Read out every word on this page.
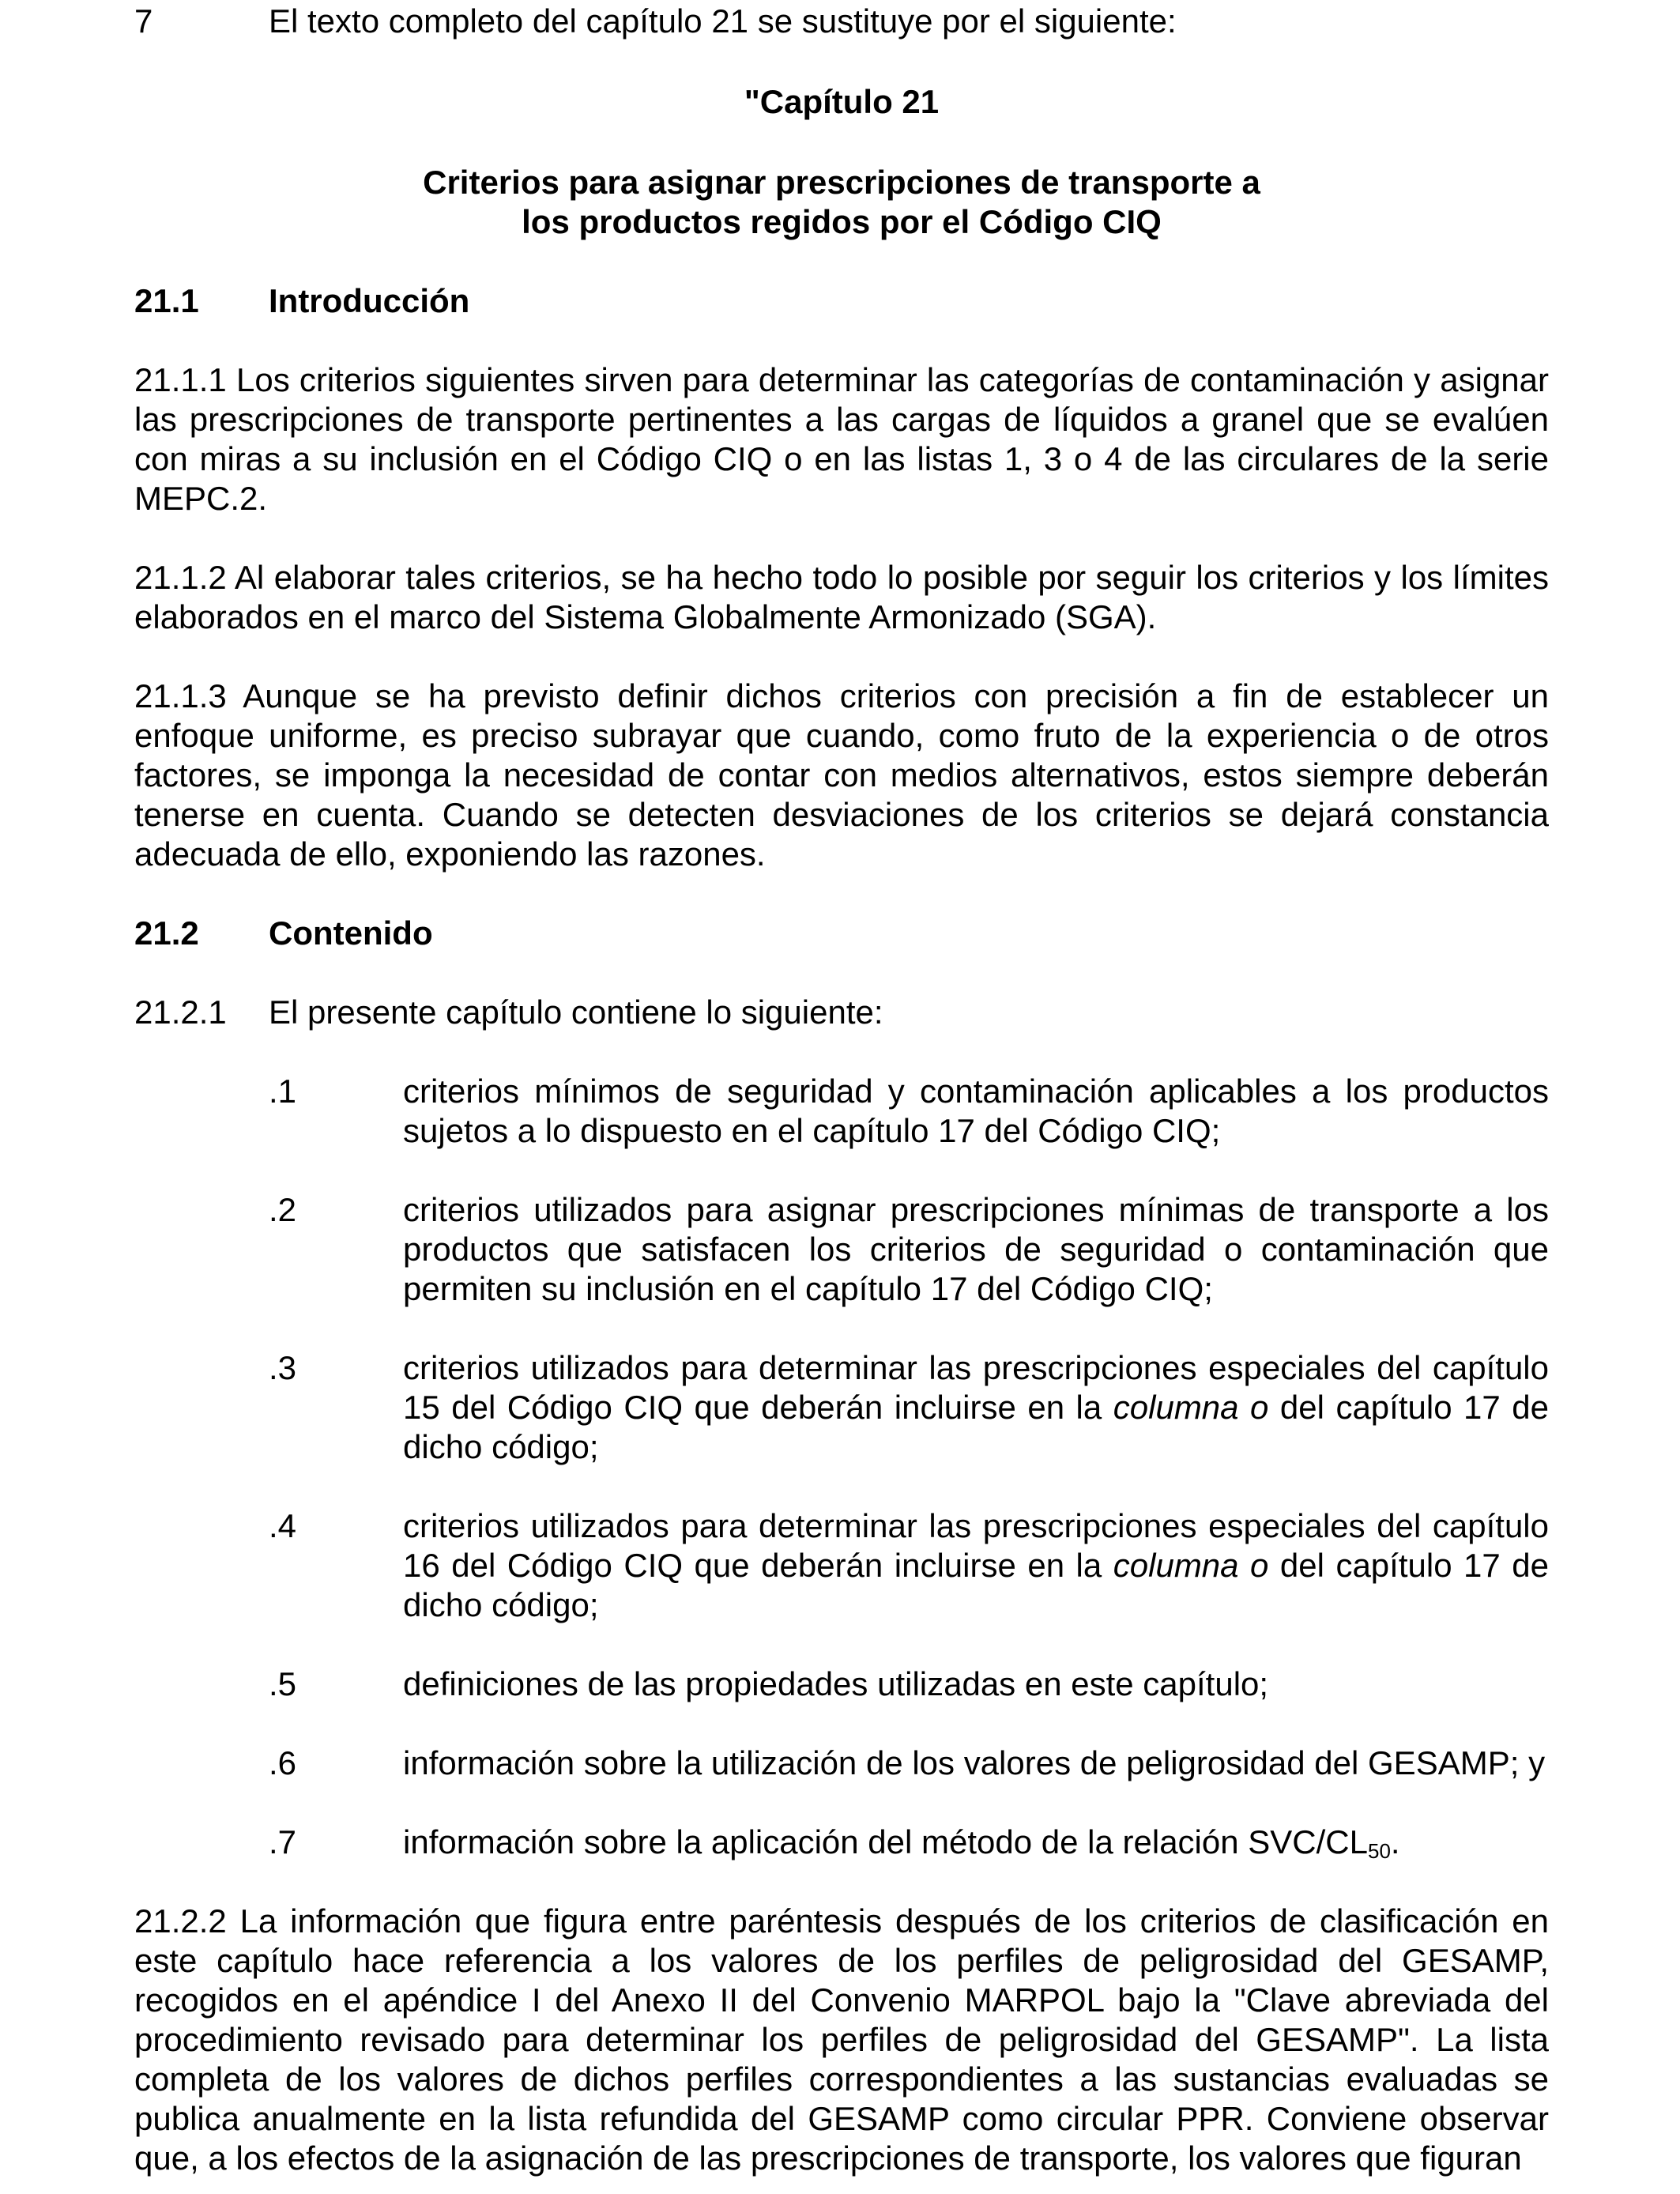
7	El texto completo del capítulo 21 se sustituye por el siguiente:
"Capítulo 21
Criterios para asignar prescripciones de transporte a
los productos regidos por el Código CIQ
21.1 Introducción
21.1.1 Los criterios siguientes sirven para determinar las categorías de contaminación y asignar las prescripciones de transporte pertinentes a las cargas de líquidos a granel que se evalúen con miras a su inclusión en el Código CIQ o en las listas 1, 3 o 4 de las circulares de la serie MEPC.2.
21.1.2 Al elaborar tales criterios, se ha hecho todo lo posible por seguir los criterios y los límites elaborados en el marco del Sistema Globalmente Armonizado (SGA).
21.1.3 Aunque se ha previsto definir dichos criterios con precisión a fin de establecer un enfoque uniforme, es preciso subrayar que cuando, como fruto de la experiencia o de otros factores, se imponga la necesidad de contar con medios alternativos, estos siempre deberán tenerse en cuenta. Cuando se detecten desviaciones de los criterios se dejará constancia adecuada de ello, exponiendo las razones.
21.2 Contenido
21.2.1 El presente capítulo contiene lo siguiente:
.1	criterios mínimos de seguridad y contaminación aplicables a los productos sujetos a lo dispuesto en el capítulo 17 del Código CIQ;
.2	criterios utilizados para asignar prescripciones mínimas de transporte a los productos que satisfacen los criterios de seguridad o contaminación que permiten su inclusión en el capítulo 17 del Código CIQ;
.3	criterios utilizados para determinar las prescripciones especiales del capítulo 15 del Código CIQ que deberán incluirse en la columna o del capítulo 17 de dicho código;
.4	criterios utilizados para determinar las prescripciones especiales del capítulo 16 del Código CIQ que deberán incluirse en la columna o del capítulo 17 de dicho código;
.5	definiciones de las propiedades utilizadas en este capítulo;
.6	información sobre la utilización de los valores de peligrosidad del GESAMP; y
.7	información sobre la aplicación del método de la relación SVC/$CL_{50}$.
21.2.2 La información que figura entre paréntesis después de los criterios de clasificación en este capítulo hace referencia a los valores de los perfiles de peligrosidad del GESAMP, recogidos en el apéndice I del Anexo II del Convenio MARPOL bajo la "Clave abreviada del procedimiento revisado para determinar los perfiles de peligrosidad del GESAMP". La lista completa de los valores de dichos perfiles correspondientes a las sustancias evaluadas se publica anualmente en la lista refundida del GESAMP como circular PPR. Conviene observar que, a los efectos de la asignación de las prescripciones de transporte, los valores que figuran
